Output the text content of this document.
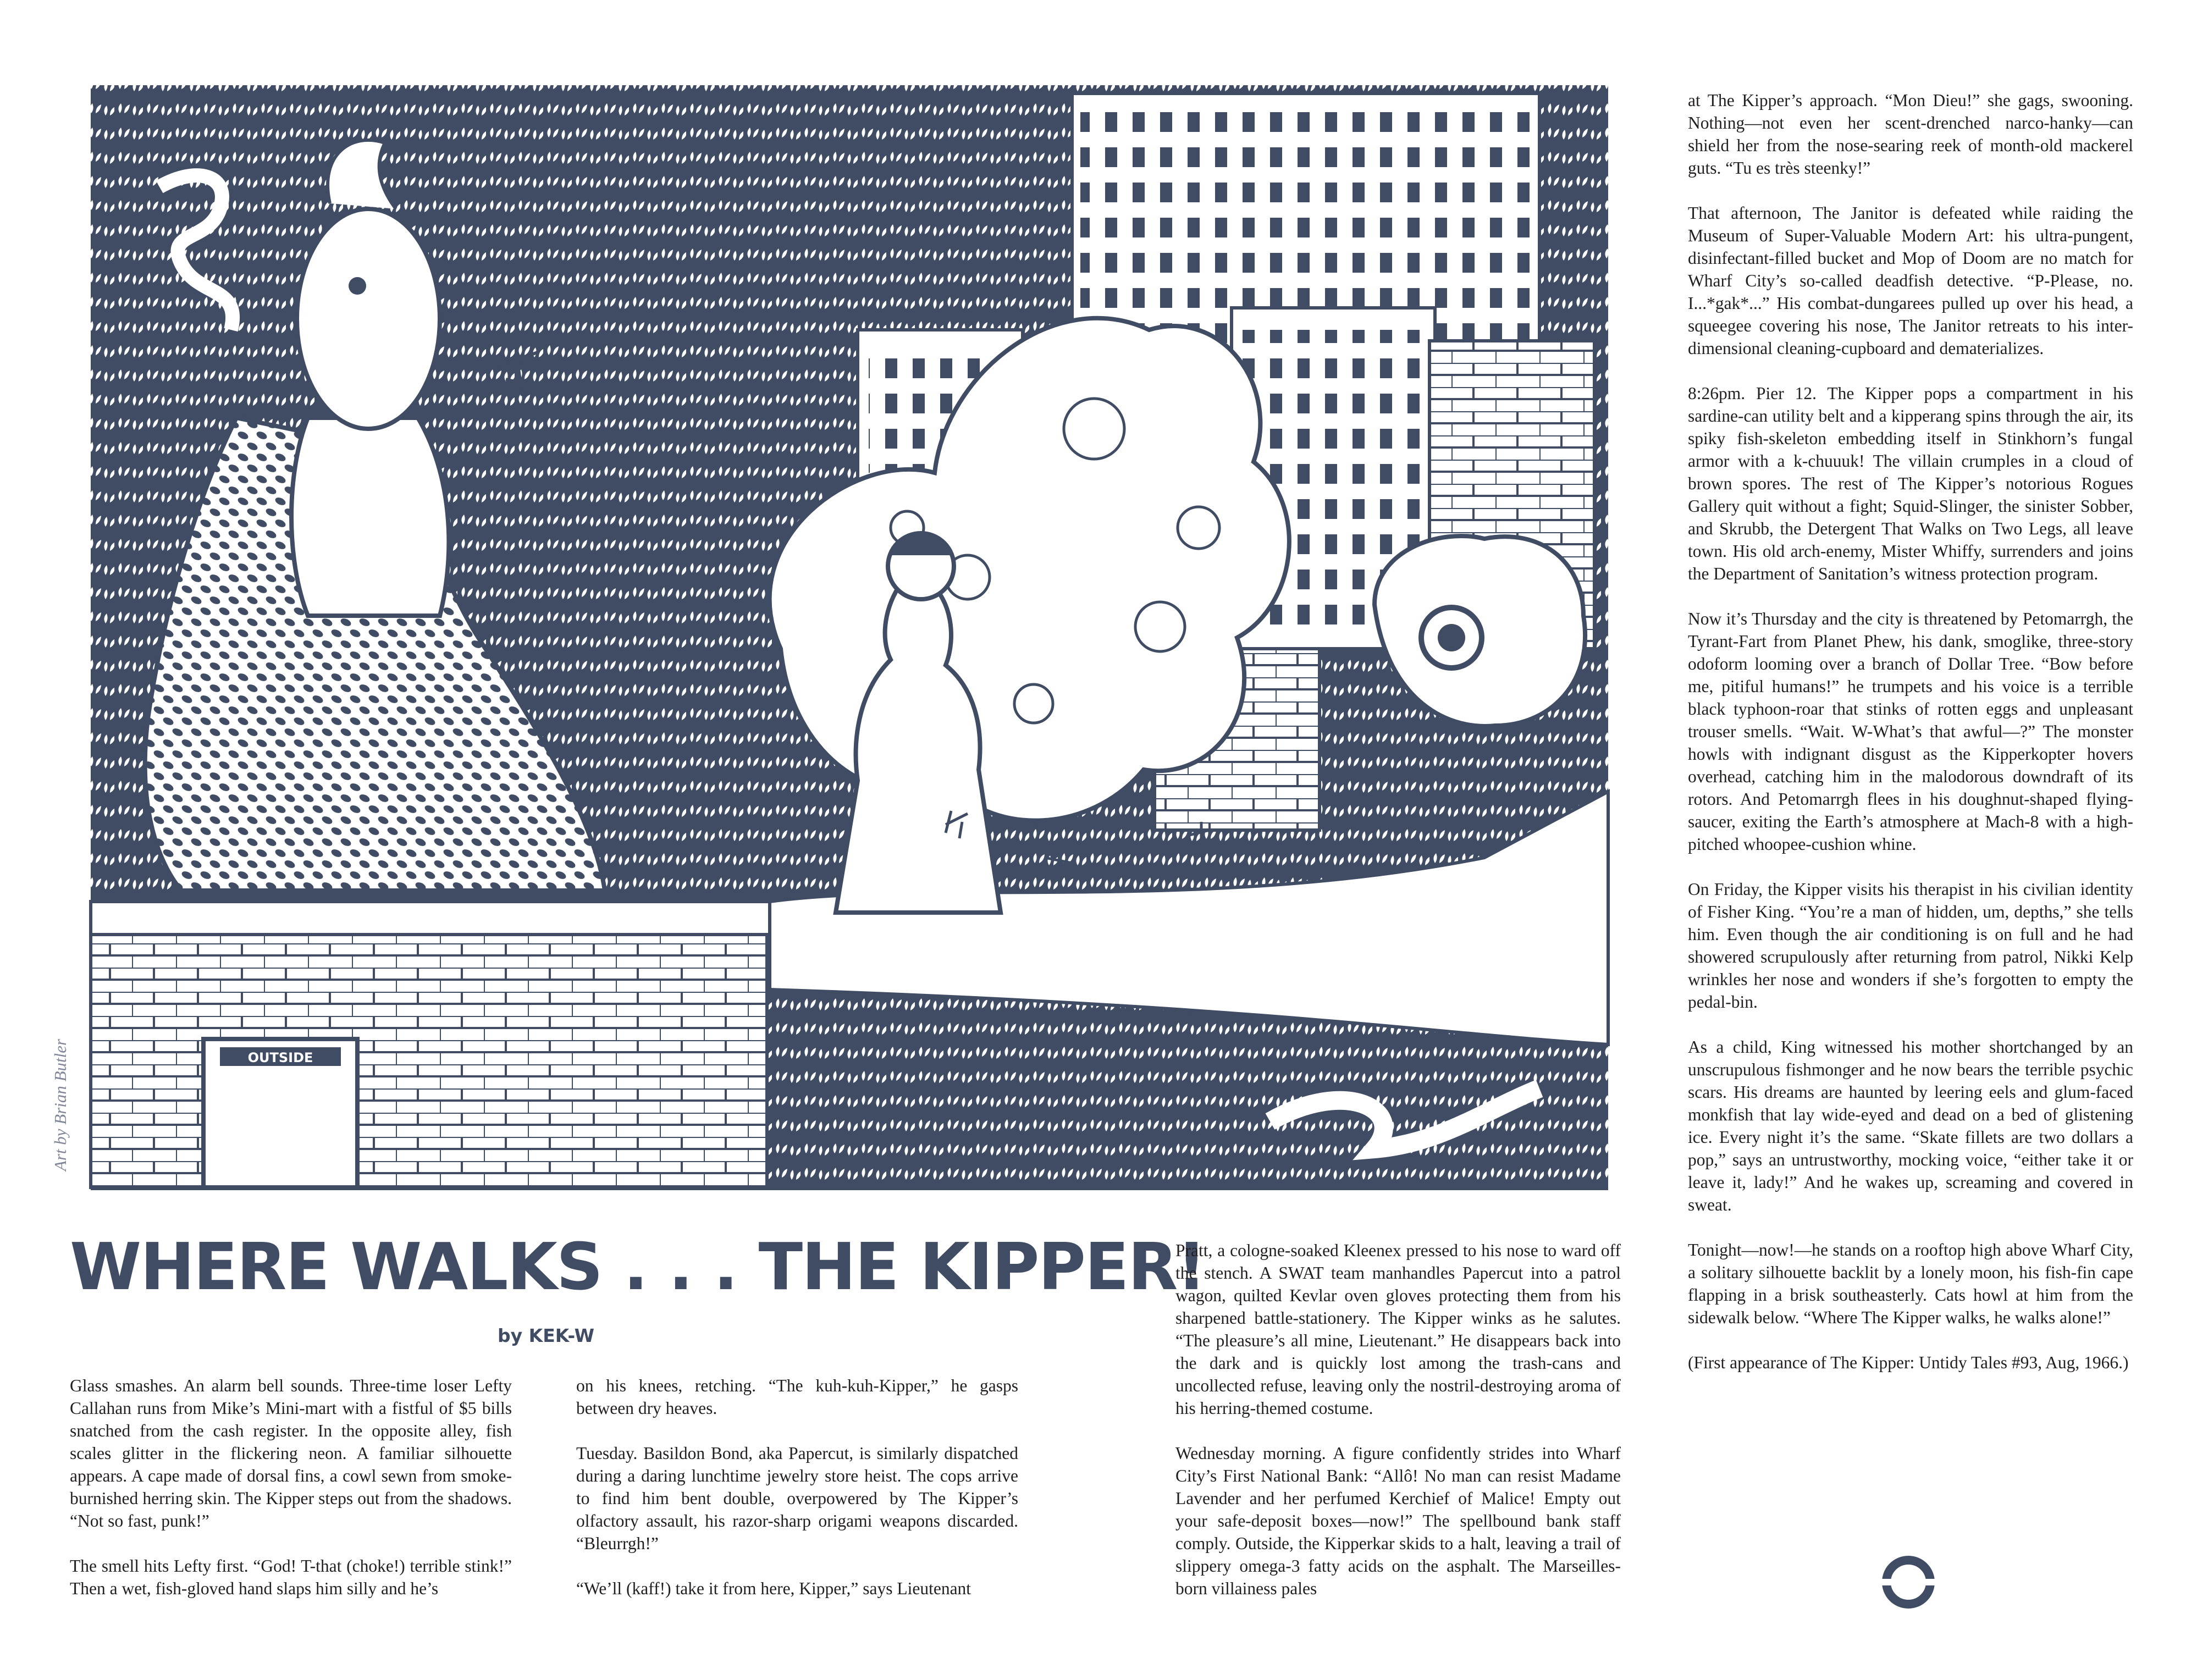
OUTSIDE
Art by Brian Butler
WHERE WALKS . . . THE KIPPER!
by KEK-W

Glass smashes. An alarm bell sounds. Three-time loser Lefty Callahan runs from Mike’s Mini-mart with a fistful of $5 bills snatched from the cash register. In the opposite alley, fish scales glitter in the flickering neon. A familiar silhouette appears. A cape made of dorsal fins, a cowl sewn from smoke-burnished herring skin. The Kipper steps out from the shadows. “Not so fast, punk!”

The smell hits Lefty first. “God! T-that (choke!) terrible stink!” Then a wet, fish-gloved hand slaps him silly and he’s

on his knees, retching. “The kuh-kuh-Kipper,” he gasps between dry heaves.

Tuesday. Basildon Bond, aka Papercut, is similarly dispatched during a daring lunchtime jewelry store heist. The cops arrive to find him bent double, overpowered by The Kipper’s olfactory assault, his razor-sharp origami weapons discarded. “Bleurrgh!”

“We’ll (kaff!) take it from here, Kipper,” says Lieutenant

Pratt, a cologne-soaked Kleenex pressed to his nose to ward off the stench. A SWAT team manhandles Papercut into a patrol wagon, quilted Kevlar oven gloves protecting them from his sharpened battle-stationery. The Kipper winks as he salutes. “The pleasure’s all mine, Lieutenant.” He disappears back into the dark and is quickly lost among the trash-cans and uncollected refuse, leaving only the nostril-destroying aroma of his herring-themed costume.

Wednesday morning. A figure confidently strides into Wharf City’s First National Bank: “Allô! No man can resist Madame Lavender and her perfumed Kerchief of Malice! Empty out your safe-deposit boxes—now!” The spellbound bank staff comply. Outside, the Kipperkar skids to a halt, leaving a trail of slippery omega-3 fatty acids on the asphalt. The Marseilles-born villainess pales

at The Kipper’s approach. “Mon Dieu!” she gags, swooning. Nothing—not even her scent-drenched narco-hanky—can shield her from the nose-searing reek of month-old mackerel guts. “Tu es très steenky!”

That afternoon, The Janitor is defeated while raiding the Museum of Super-Valuable Modern Art: his ultra-pungent, disinfectant-filled bucket and Mop of Doom are no match for Wharf City’s so-called deadfish detective. “P-Please, no. I...*gak*...” His combat-dungarees pulled up over his head, a squeegee covering his nose, The Janitor retreats to his inter-dimensional cleaning-cupboard and dematerializes.

8:26pm. Pier 12. The Kipper pops a compartment in his sardine-can utility belt and a kipperang spins through the air, its spiky fish-skeleton embedding itself in Stinkhorn’s fungal armor with a k-chuuuk! The villain crumples in a cloud of brown spores. The rest of The Kipper’s notorious Rogues Gallery quit without a fight; Squid-Slinger, the sinister Sobber, and Skrubb, the Detergent That Walks on Two Legs, all leave town. His old arch-enemy, Mister Whiffy, surrenders and joins the Department of Sanitation’s witness protection program.

Now it’s Thursday and the city is threatened by Petomarrgh, the Tyrant-Fart from Planet Phew, his dank, smoglike, three-story odoform looming over a branch of Dollar Tree. “Bow before me, pitiful humans!” he trumpets and his voice is a terrible black typhoon-roar that stinks of rotten eggs and unpleasant trouser smells. “Wait. W-What’s that awful—?” The monster howls with indignant disgust as the Kipperkopter hovers overhead, catching him in the malodorous downdraft of its rotors. And Petomarrgh flees in his doughnut-shaped flying-saucer, exiting the Earth’s atmosphere at Mach-8 with a high-pitched whoopee-cushion whine.

On Friday, the Kipper visits his therapist in his civilian identity of Fisher King. “You’re a man of hidden, um, depths,” she tells him. Even though the air conditioning is on full and he had showered scrupulously after returning from patrol, Nikki Kelp wrinkles her nose and wonders if she’s forgotten to empty the pedal-bin.

As a child, King witnessed his mother shortchanged by an unscrupulous fishmonger and he now bears the terrible psychic scars. His dreams are haunted by leering eels and glum-faced monkfish that lay wide-eyed and dead on a bed of glistening ice. Every night it’s the same. “Skate fillets are two dollars a pop,” says an untrustworthy, mocking voice, “either take it or leave it, lady!” And he wakes up, screaming and covered in sweat.

Tonight—now!—he stands on a rooftop high above Wharf City, a solitary silhouette backlit by a lonely moon, his fish-fin cape flapping in a brisk southeasterly. Cats howl at him from the sidewalk below. “Where The Kipper walks, he walks alone!”

(First appearance of The Kipper: Untidy Tales #93, Aug, 1966.)
